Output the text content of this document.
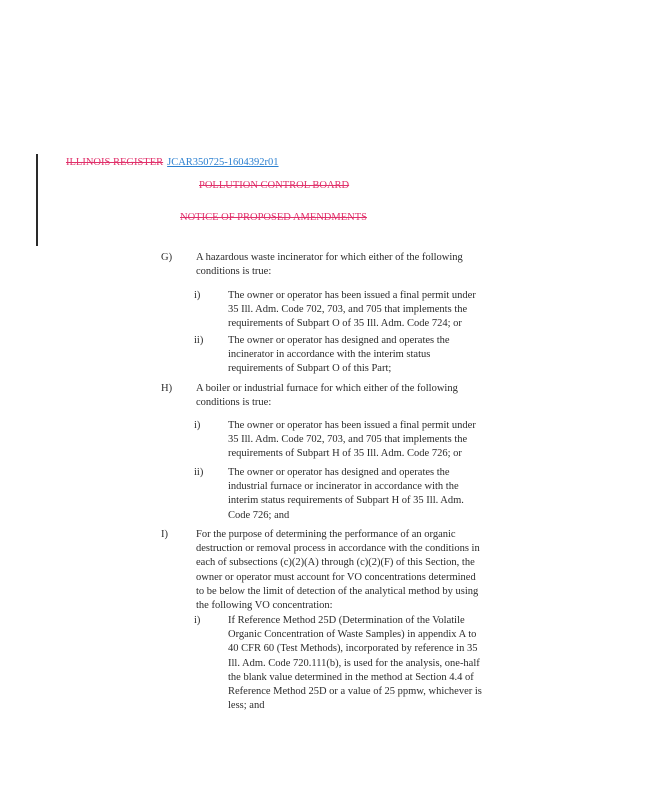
ILLINOIS REGISTER JCAR350725-1604392r01
POLLUTION CONTROL BOARD
NOTICE OF PROPOSED AMENDMENTS
G) A hazardous waste incinerator for which either of the following conditions is true:
i)	The owner or operator has been issued a final permit under 35 Ill. Adm. Code 702, 703, and 705 that implements the requirements of Subpart O of 35 Ill. Adm. Code 724; or
ii) The owner or operator has designed and operates the incinerator in accordance with the interim status requirements of Subpart O of this Part;
H) A boiler or industrial furnace for which either of the following conditions is true:
i)	The owner or operator has been issued a final permit under 35 Ill. Adm. Code 702, 703, and 705 that implements the requirements of Subpart H of 35 Ill. Adm. Code 726; or
ii) The owner or operator has designed and operates the industrial furnace or incinerator in accordance with the interim status requirements of Subpart H of 35 Ill. Adm. Code 726; and
I)	For the purpose of determining the performance of an organic destruction or removal process in accordance with the conditions in each of subsections (c)(2)(A) through (c)(2)(F) of this Section, the owner or operator must account for VO concentrations determined to be below the limit of detection of the analytical method by using the following VO concentration:
i)	If Reference Method 25D (Determination of the Volatile Organic Concentration of Waste Samples) in appendix A to 40 CFR 60 (Test Methods), incorporated by reference in 35 Ill. Adm. Code 720.111(b), is used for the analysis, one-half the blank value determined in the method at Section 4.4 of Reference Method 25D or a value of 25 ppmw, whichever is less; and
